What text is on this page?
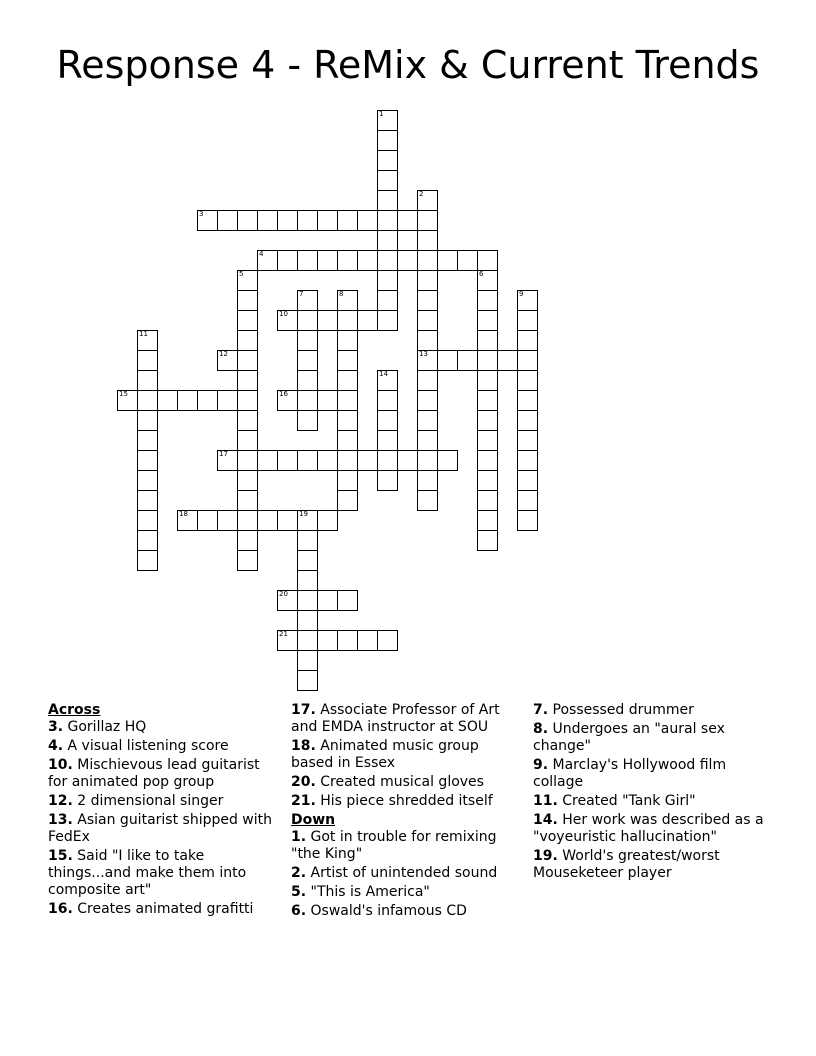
Response 4 - ReMix & Current Trends
1
2
13
3
4
5	6
7	8	9
10
11
12
14
15	16
17
18	19
20
21
Across
3. Gorillaz HQ
4. A visual listening score
10. Mischievous lead guitarist for animated pop group
12. 2 dimensional singer
13. Asian guitarist shipped with FedEx
15. Said "I like to take things...and make them into composite art"
16. Creates animated grafitti
17. Associate Professor of Art and EMDA instructor at SOU
18. Animated music group based in Essex
20. Created musical gloves
21. His piece shredded itself
Down
1. Got in trouble for remixing "the King"
2. Artist of unintended sound
5. "This is America"
6. Oswald's infamous CD
7. Possessed drummer
8. Undergoes an "aural sex change"
9. Marclay's Hollywood film collage
11. Created "Tank Girl"
14. Her work was described as a "voyeuristic hallucination"
19. World's greatest/worst Mouseketeer player
